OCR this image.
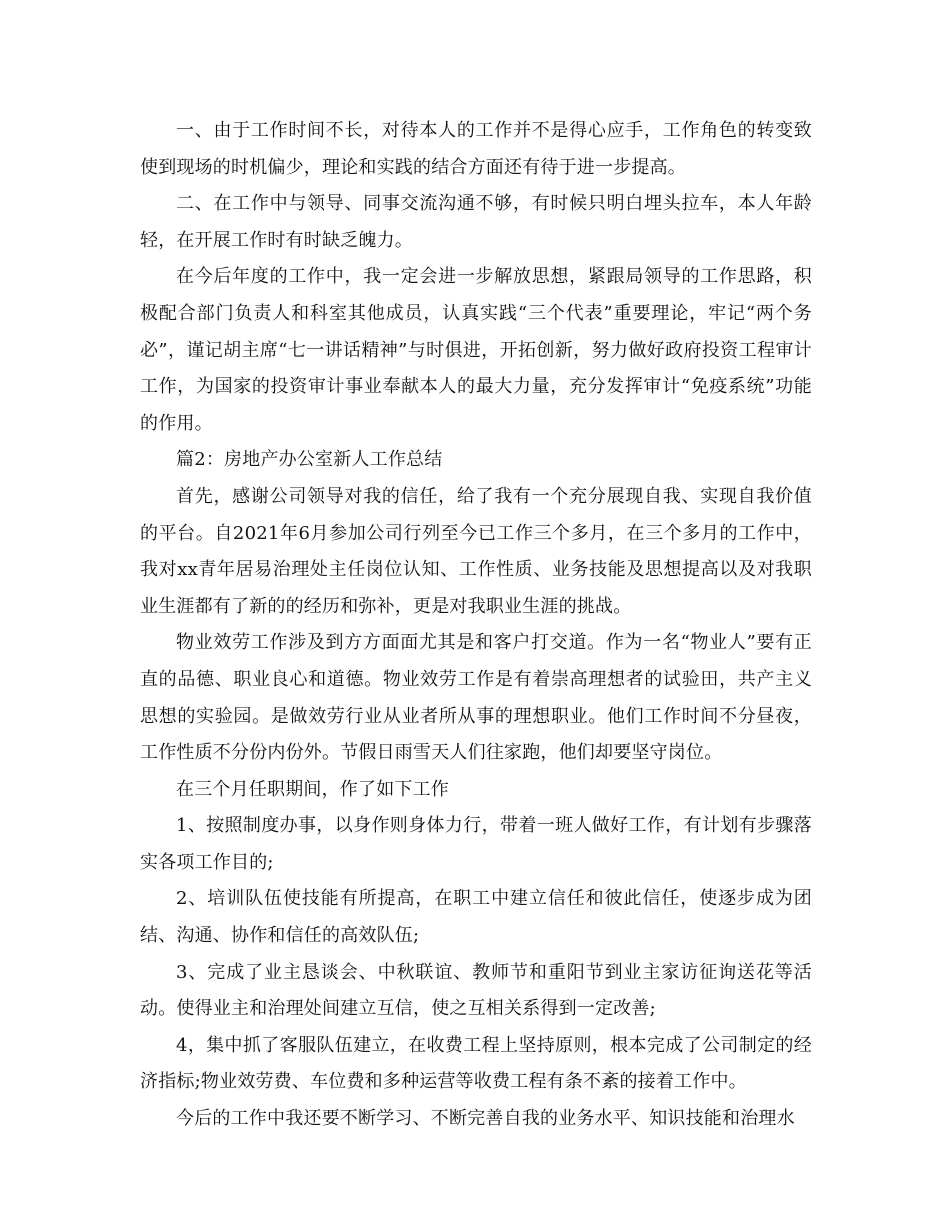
一、由于工作时间不长，对待本人的工作并不是得心应手，工作角色的转变致使到现场的时机偏少，理论和实践的结合方面还有待于进一步提高。

二、在工作中与领导、同事交流沟通不够，有时候只明白埋头拉车，本人年龄轻，在开展工作时有时缺乏魄力。

在今后年度的工作中，我一定会进一步解放思想，紧跟局领导的工作思路，积极配合部门负责人和科室其他成员，认真实践“三个代表”重要理论，牢记“两个务必”，谨记胡主席“七一讲话精神”与时俱进，开拓创新，努力做好政府投资工程审计工作，为国家的投资审计事业奉献本人的最大力量，充分发挥审计“免疫系统”功能的作用。

篇2：房地产办公室新人工作总结

首先，感谢公司领导对我的信任，给了我有一个充分展现自我、实现自我价值的平台。自2021年6月参加公司行列至今已工作三个多月，在三个多月的工作中，我对xx青年居易治理处主任岗位认知、工作性质、业务技能及思想提高以及对我职业生涯都有了新的的经历和弥补，更是对我职业生涯的挑战。

物业效劳工作涉及到方方面面尤其是和客户打交道。作为一名“物业人”要有正直的品德、职业良心和道德。物业效劳工作是有着崇高理想者的试验田，共产主义思想的实验园。是做效劳行业从业者所从事的理想职业。他们工作时间不分昼夜，工作性质不分份内份外。节假日雨雪天人们往家跑，他们却要坚守岗位。

在三个月任职期间，作了如下工作

1、按照制度办事，以身作则身体力行，带着一班人做好工作，有计划有步骤落实各项工作目的;

2、培训队伍使技能有所提高，在职工中建立信任和彼此信任，使逐步成为团结、沟通、协作和信任的高效队伍;

3、完成了业主恳谈会、中秋联谊、教师节和重阳节到业主家访征询送花等活动。使得业主和治理处间建立互信，使之互相关系得到一定改善;

4，集中抓了客服队伍建立，在收费工程上坚持原则，根本完成了公司制定的经济指标;物业效劳费、车位费和多种运营等收费工程有条不紊的接着工作中。

今后的工作中我还要不断学习、不断完善自我的业务水平、知识技能和治理水
